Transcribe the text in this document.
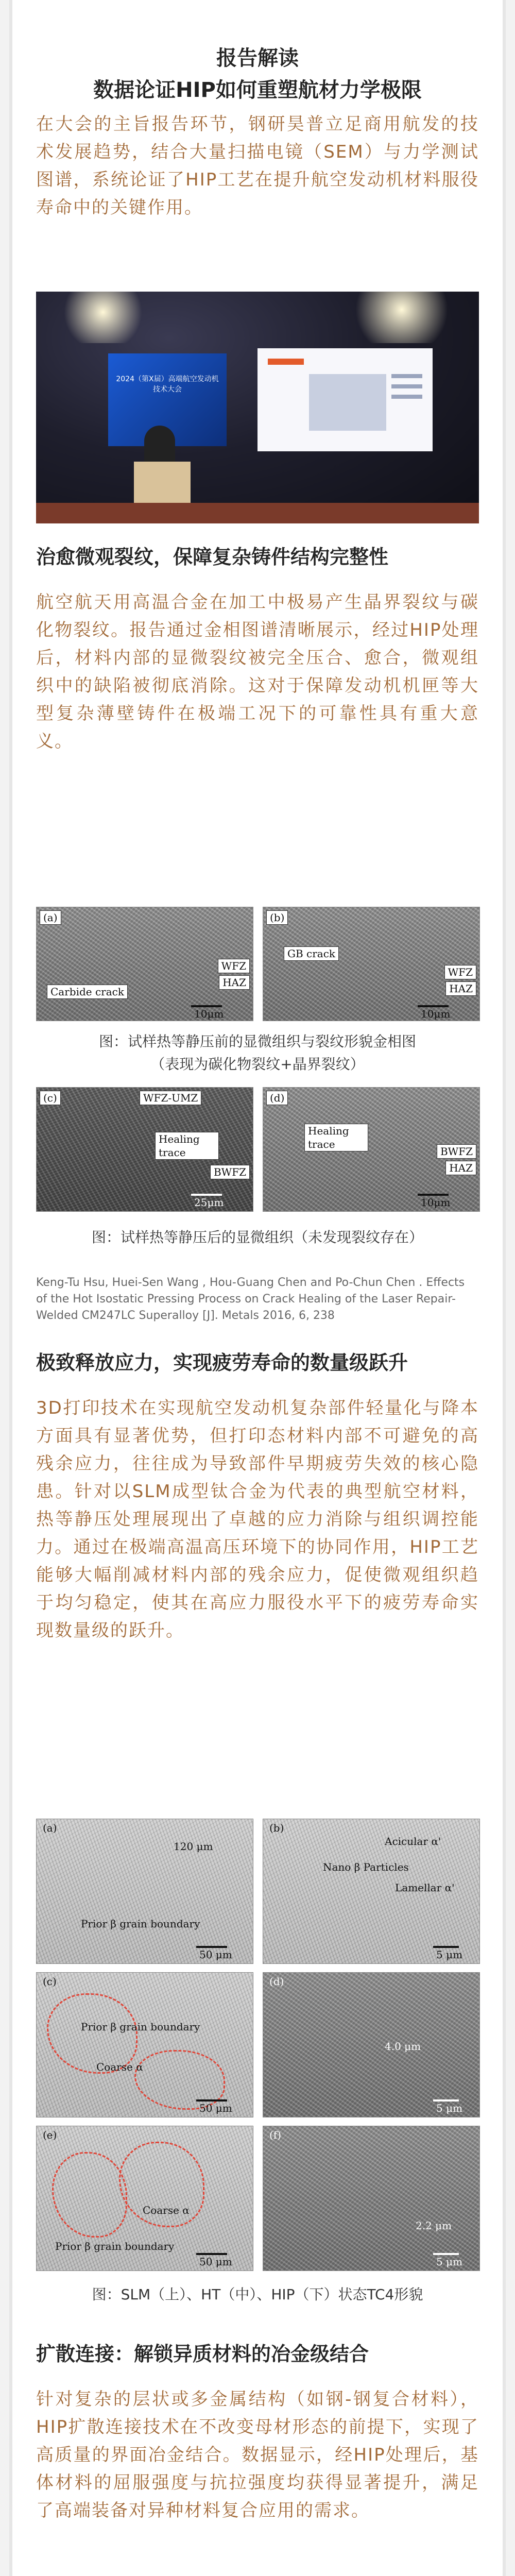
报告解读

数据论证HIP如何重塑航材力学极限

在大会的主旨报告环节，钢研昊普立足商用航发的技术发展趋势，结合大量扫描电镜（SEM）与力学测试图谱，系统论证了HIP工艺在提升航空发动机材料服役寿命中的关键作用。

2024（第X届）高端航空发动机技术大会

治愈微观裂纹，保障复杂铸件结构完整性

航空航天用高温合金在加工中极易产生晶界裂纹与碳化物裂纹。报告通过金相图谱清晰展示，经过HIP处理后，材料内部的显微裂纹被完全压合、愈合，微观组织中的缺陷被彻底消除。这对于保障发动机机匣等大型复杂薄壁铸件在极端工况下的可靠性具有重大意义。

(a)
WFZ
HAZ
Carbide crack
10μm
(b)
GB crack
WFZ
HAZ
10μm

图：试样热等静压前的显微组织与裂纹形貌金相图

（表现为碳化物裂纹+晶界裂纹）

(c)	WFZ-UMZ
Healing trace
BWFZ
25μm
(d)
Healing trace
BWFZ
HAZ
10μm

图：试样热等静压后的显微组织（未发现裂纹存在）

Keng-Tu Hsu, Huei-Sen Wang , Hou-Guang Chen and Po-Chun Chen . Effects of the Hot Isostatic Pressing Process on Crack Healing of the Laser Repair-Welded CM247LC Superalloy [J]. Metals 2016, 6, 238

极致释放应力，实现疲劳寿命的数量级跃升

3D打印技术在实现航空发动机复杂部件轻量化与降本方面具有显著优势，但打印态材料内部不可避免的高残余应力，往往成为导致部件早期疲劳失效的核心隐患。针对以SLM成型钛合金为代表的典型航空材料，热等静压处理展现出了卓越的应力消除与组织调控能力。通过在极端高温高压环境下的协同作用，HIP工艺能够大幅削减材料内部的残余应力，促使微观组织趋于均匀稳定，使其在高应力服役水平下的疲劳寿命实现数量级的跃升。

(a)
120 μm
Prior β grain boundary
50 μm
(b)
Acicular α'
Nano β Particles
Lamellar α'
5 μm
(c)
Prior β grain boundary
Coarse α
50 μm
(d)
4.0 μm
5 μm
(e)
Coarse α
Prior β grain boundary
50 μm
(f)
2.2 μm
5 μm

图：SLM（上）、HT（中）、HIP（下）状态TC4形貌

扩散连接：解锁异质材料的冶金级结合

针对复杂的层状或多金属结构（如钢-钢复合材料），HIP扩散连接技术在不改变母材形态的前提下，实现了高质量的界面冶金结合。数据显示，经HIP处理后，基体材料的屈服强度与抗拉强度均获得显著提升，满足了高端装备对异种材料复合应用的需求。
